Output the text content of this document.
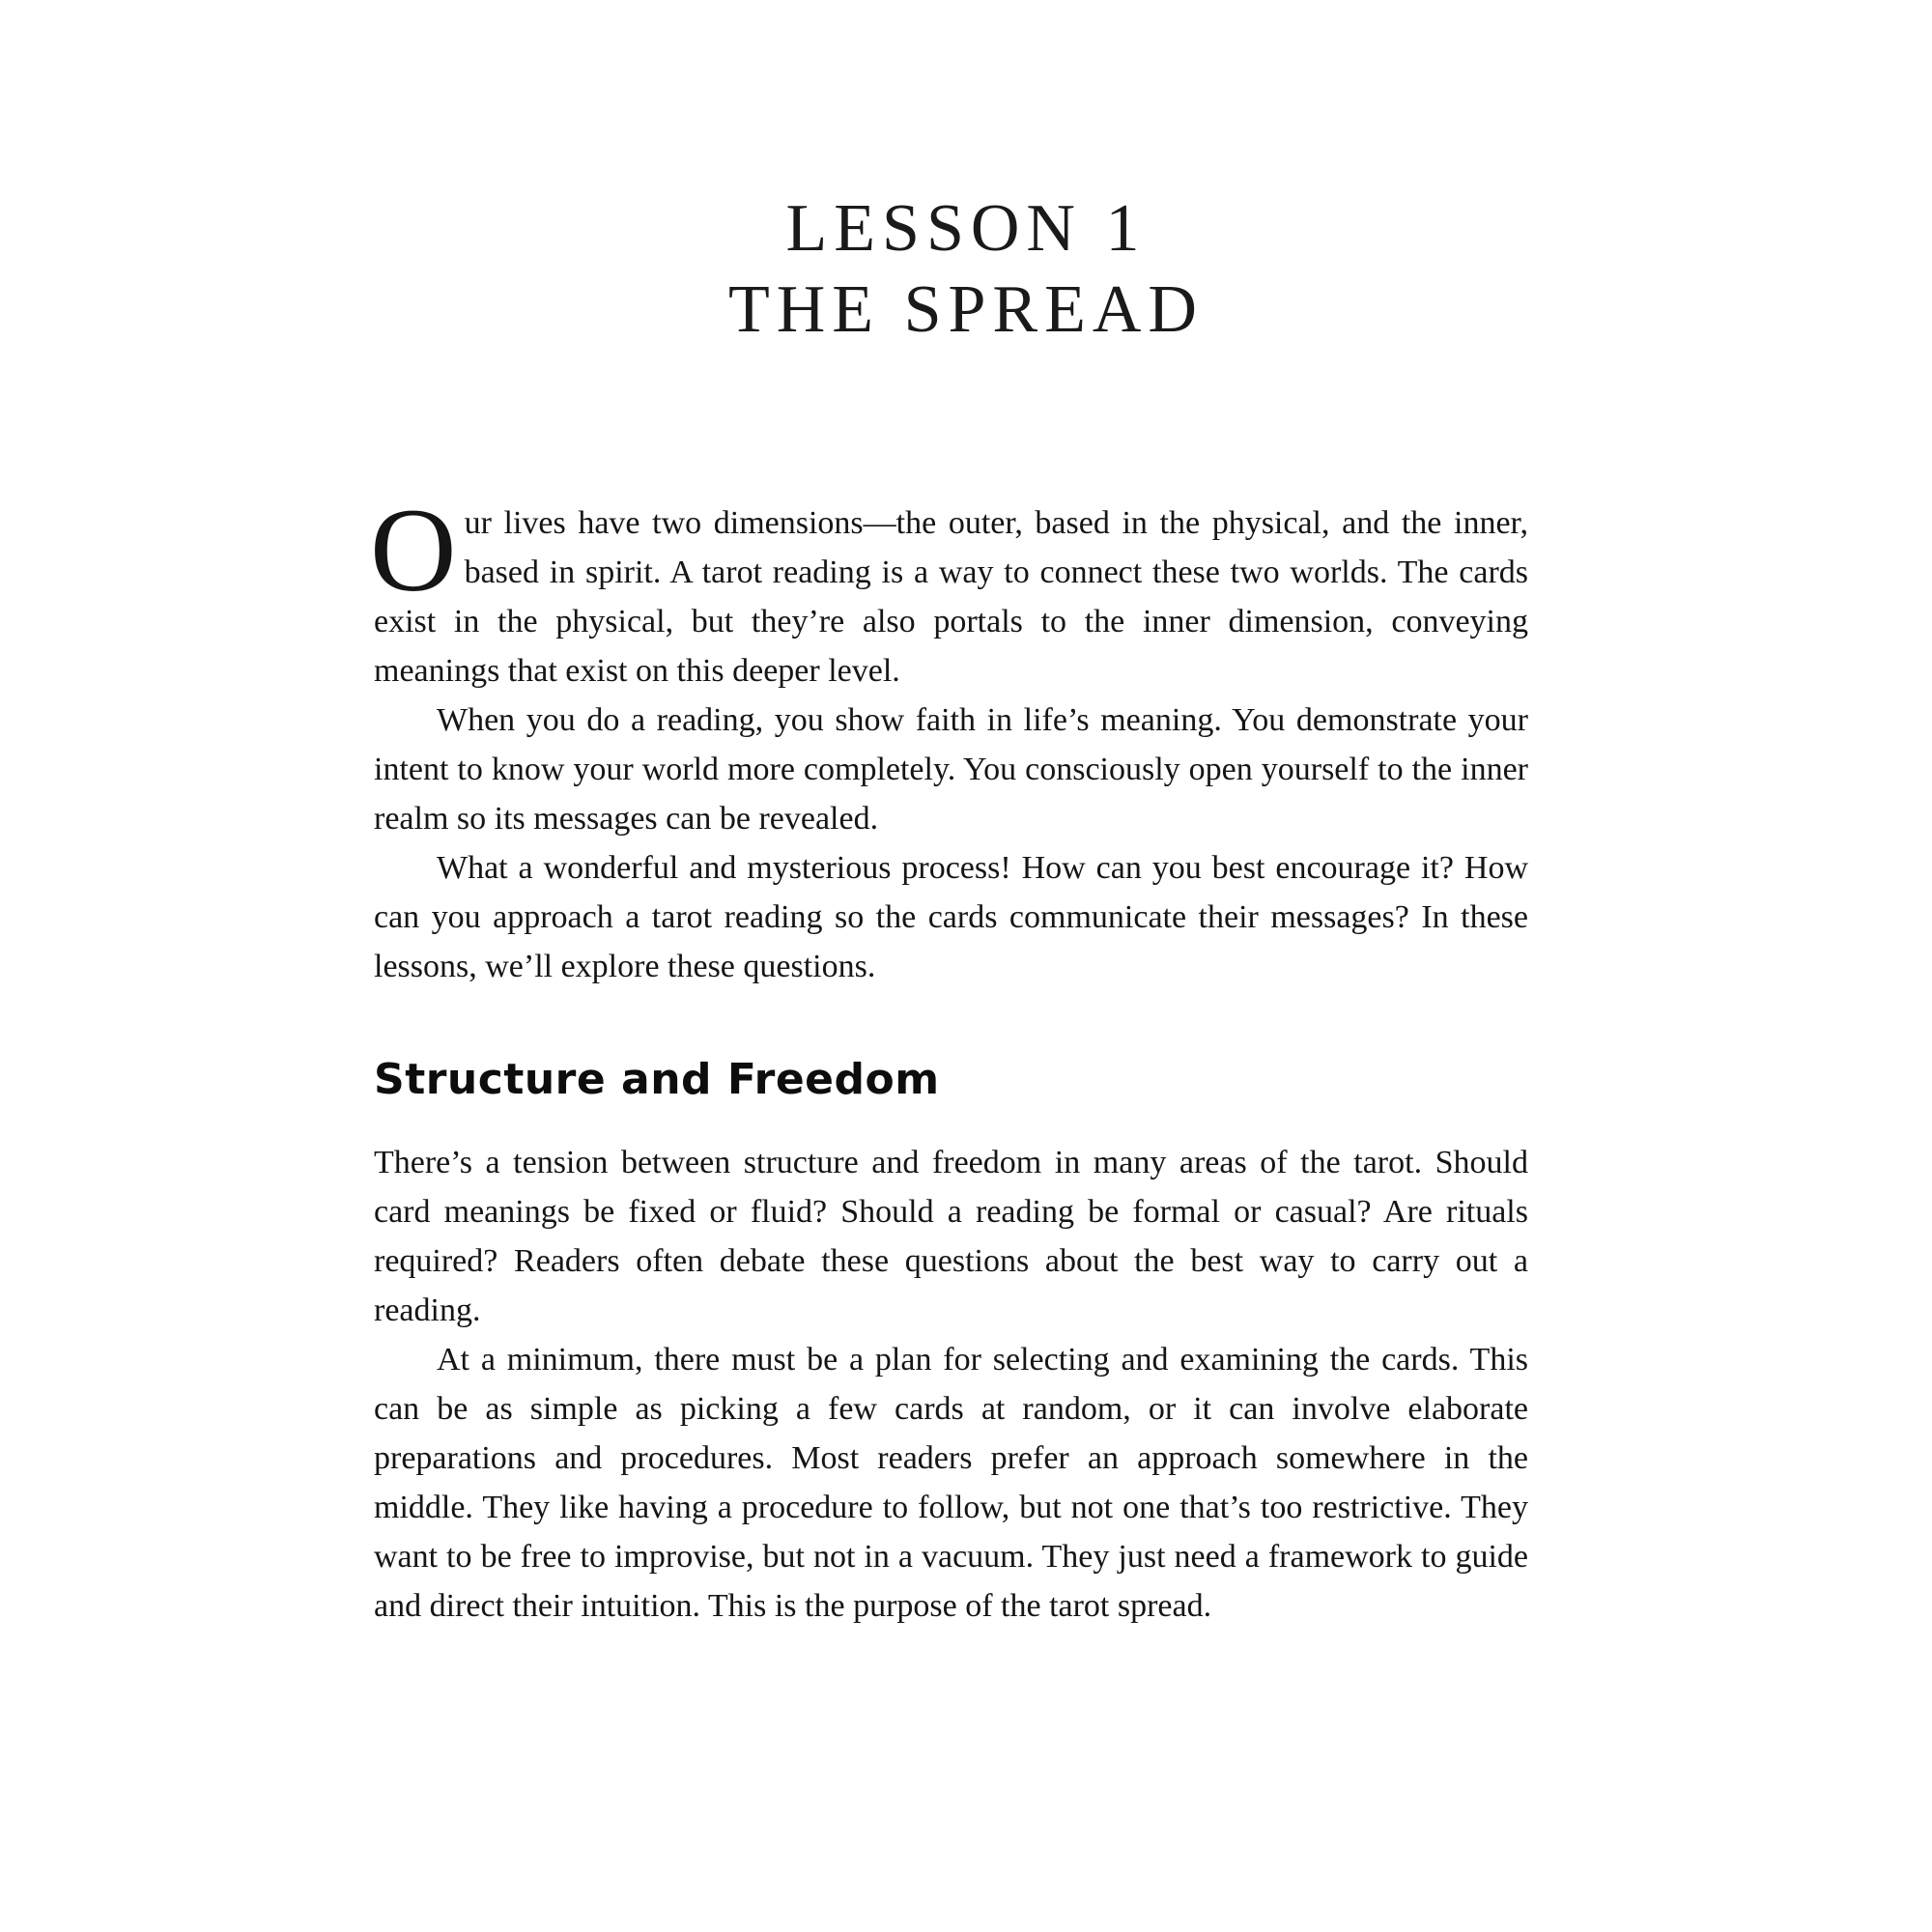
LESSON 1
THE SPREAD

Our lives have two dimensions—the outer, based in the physical, and the inner, based in spirit. A tarot reading is a way to connect these two worlds. The cards exist in the physical, but they’re also portals to the inner dimension, conveying meanings that exist on this deeper level.

When you do a reading, you show faith in life’s meaning. You demonstrate your intent to know your world more completely. You consciously open yourself to the inner realm so its messages can be revealed.

What a wonderful and mysterious process! How can you best encourage it? How can you approach a tarot reading so the cards communicate their messages? In these lessons, we’ll explore these questions.

Structure and Freedom

There’s a tension between structure and freedom in many areas of the tarot. Should card meanings be fixed or fluid? Should a reading be formal or casual? Are rituals required? Readers often debate these questions about the best way to carry out a reading.

At a minimum, there must be a plan for selecting and examining the cards. This can be as simple as picking a few cards at random, or it can involve elaborate preparations and procedures. Most readers prefer an approach somewhere in the middle. They like having a procedure to follow, but not one that’s too restrictive. They want to be free to improvise, but not in a vacuum. They just need a framework to guide and direct their intuition. This is the purpose of the tarot spread.
